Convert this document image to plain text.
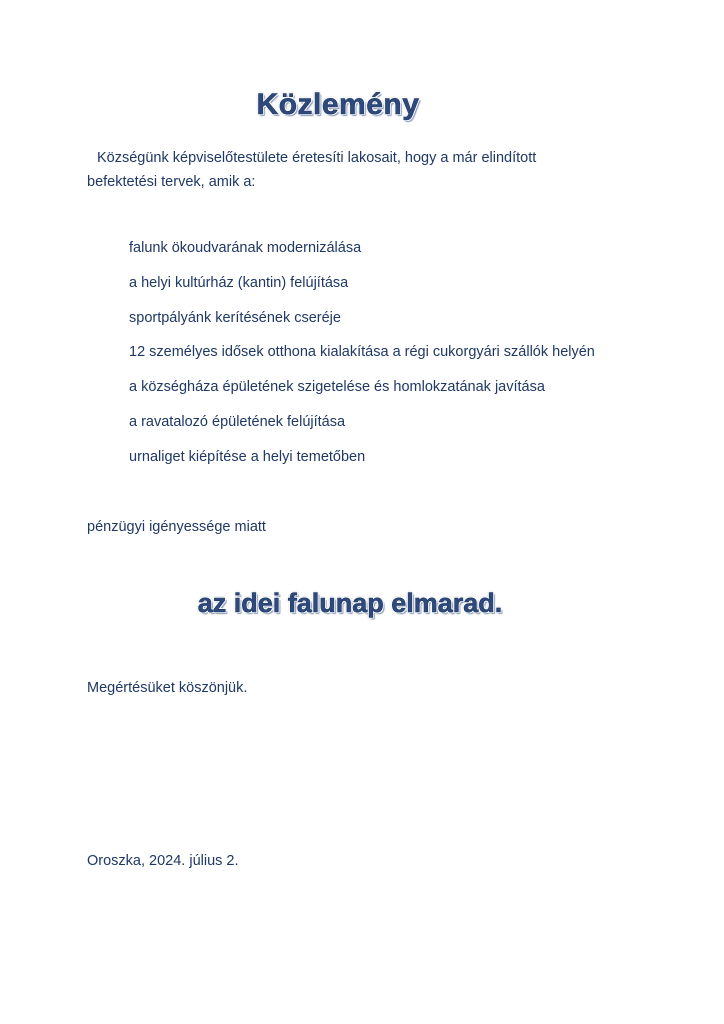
Közlemény
Községünk képviselőtestülete éretesíti lakosait, hogy a már elindított
befektetési tervek, amik a:
falunk ökoudvarának modernizálása
a helyi kultúrház (kantin) felújítása
sportpályánk kerítésének cseréje
12 személyes idősek otthona kialakítása a régi cukorgyári szállók helyén
a községháza épületének szigetelése és homlokzatának javítása
a ravatalozó épületének felújítása
urnaliget kiépítése a helyi temetőben
pénzügyi igényessége miatt
az idei falunap elmarad.
Megértésüket köszönjük.
Oroszka, 2024. július 2.
